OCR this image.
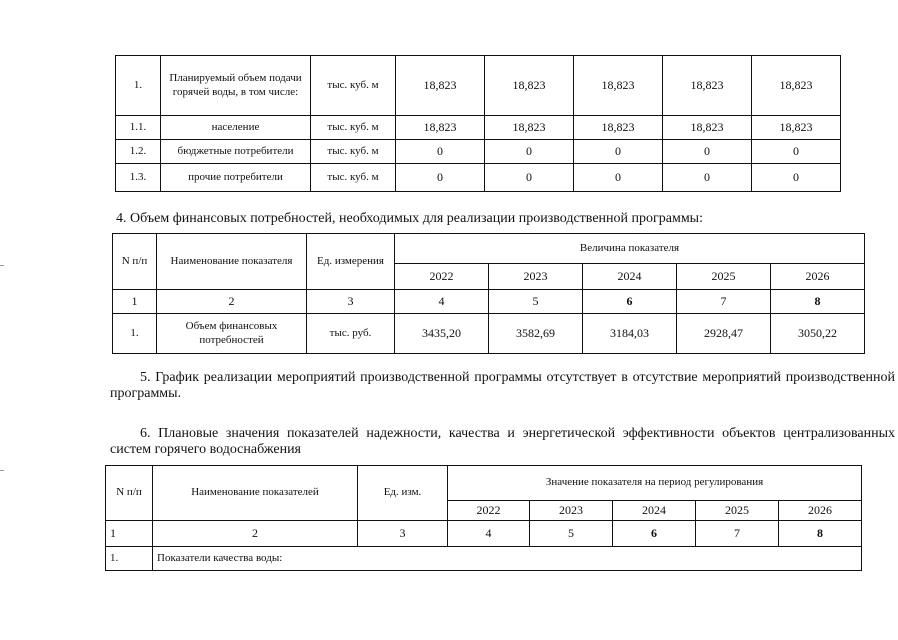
1.	Планируемый объем подачи горячей воды, в том числе:	тыс. куб. м	18,823	18,823	18,823	18,823	18,823
1.1.	население	тыс. куб. м	18,823	18,823	18,823	18,823	18,823
1.2.	бюджетные потребители	тыс. куб. м	0	0	0	0	0
1.3.	прочие потребители	тыс. куб. м	0	0	0	0	0
4. Объем финансовых потребностей, необходимых для реализации производственной программы:
N п/п	Наименование показателя	Ед. измерения	Величина показателя				
			2022	2023	2024	2025	2026
1	2	3	4	5	6	7	8
1.	Объем финансовых потребностей	тыс. руб.	3435,20	3582,69	3184,03	2928,47	3050,22
5. График реализации мероприятий производственной программы отсутствует в отсутствие мероприятий производственной программы.
6. Плановые значения показателей надежности, качества и энергетической эффективности объектов централизованных систем горячего водоснабжения
N п/п	Наименование показателей	Ед. изм.	Значение показателя на период регулирования				
			2022	2023	2024	2025	2026
1	2	3	4	5	6	7	8
1.	Показатели качества воды:						
